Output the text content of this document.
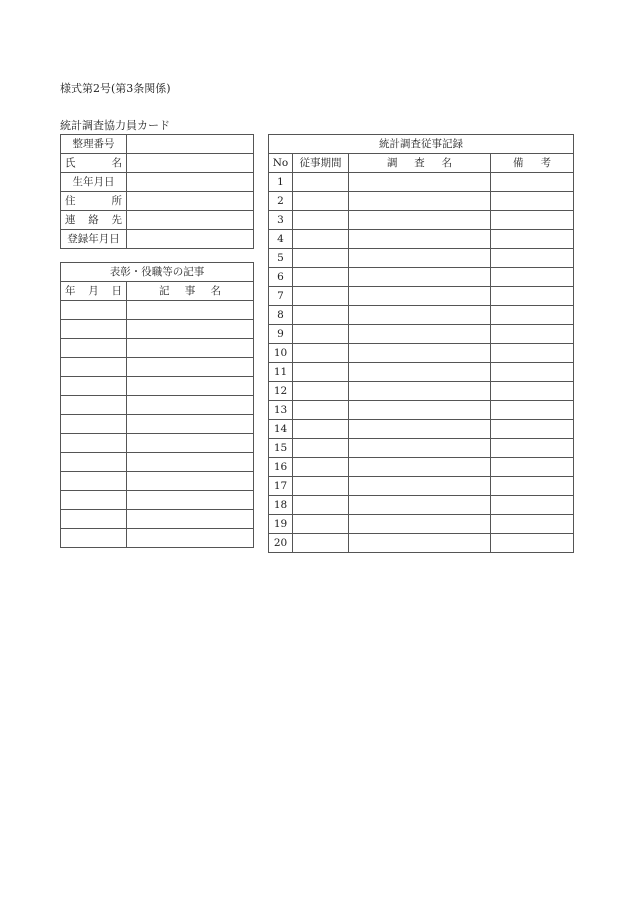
様式第2号(第3条関係)
統計調査協力員カード
整理番号	

氏 名	

生年月日	

住 所	

連 絡 先	

登録年月日	
表彰・役職等の記事	

年 月 日	記 事 名

統計調査従事記録			
No	従事期間	調 査 名	備 考

1			
2			
3			
4			
5			
6			
7			
8			
9			
10			
11			
12			
13			
14			
15			
16			
17			
18			
19			
20			
